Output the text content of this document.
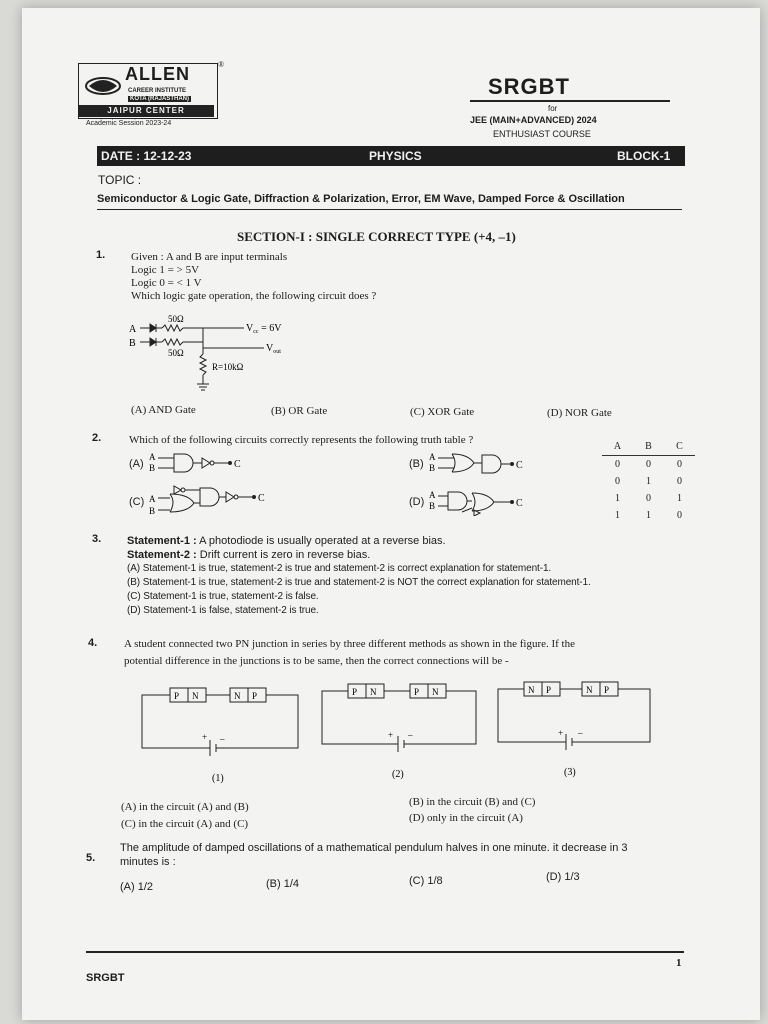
ALLEN
CAREER INSTITUTE
KOTA (RAJASTHAN)
®
JAIPUR CENTER
Academic Session 2023-24
SRGBT
for
JEE (MAIN+ADVANCED) 2024
ENTHUSIAST COURSE
DATE : 12-12-23	PHYSICS	BLOCK-1
TOPIC :
Semiconductor & Logic Gate, Diffraction & Polarization, Error, EM Wave, Damped Force & Oscillation
SECTION-I : SINGLE CORRECT TYPE (+4, –1)
1. Given : A and B are input terminals
Logic 1 = > 5V
Logic 0 = < 1 V
Which logic gate operation, the following circuit does ?
A
B
50Ω
50Ω
$V_{cc} = 6V$
$V_{out}$
R=10kΩ
(A) AND Gate	(B) OR Gate	(C) XOR Gate	(D) NOR Gate
2.	Which of the following circuits correctly represents the following truth table ?
(A)
A
B	C	(B)
A
B	C
(C) A
B
C	(D)
A
B	C
A	B	C
0	0	0
0	1	0
1	0	1
1	1	0
3. Statement-1 : A photodiode is usually operated at a reverse bias.
Statement-2 : Drift current is zero in reverse bias.
(A) Statement-1 is true, statement-2 is true and statement-2 is correct explanation for statement-1.
(B) Statement-1 is true, statement-2 is true and statement-2 is NOT the correct explanation for statement-1.
(C) Statement-1 is true, statement-2 is false.
(D) Statement-1 is false, statement-2 is true.
4. A student connected two PN junction in series by three different methods as shown in the figure. If the
potential difference in the junctions is to be same, then the correct connections will be -
P N	N P
+ –
(1)
P N	P N
+ –
(2)
N P	N P
+ –
(3)
(A) in the circuit (A) and (B)	(B) in the circuit (B) and (C)
(C) in the circuit (A) and (C)	(D) only in the circuit (A)
5.
The amplitude of damped oscillations of a mathematical pendulum halves in one minute. it decrease in 3
minutes is :
(A) 1/2	(B) 1/4	(C) 1/8	(D) 1/3
SRGBT
1
